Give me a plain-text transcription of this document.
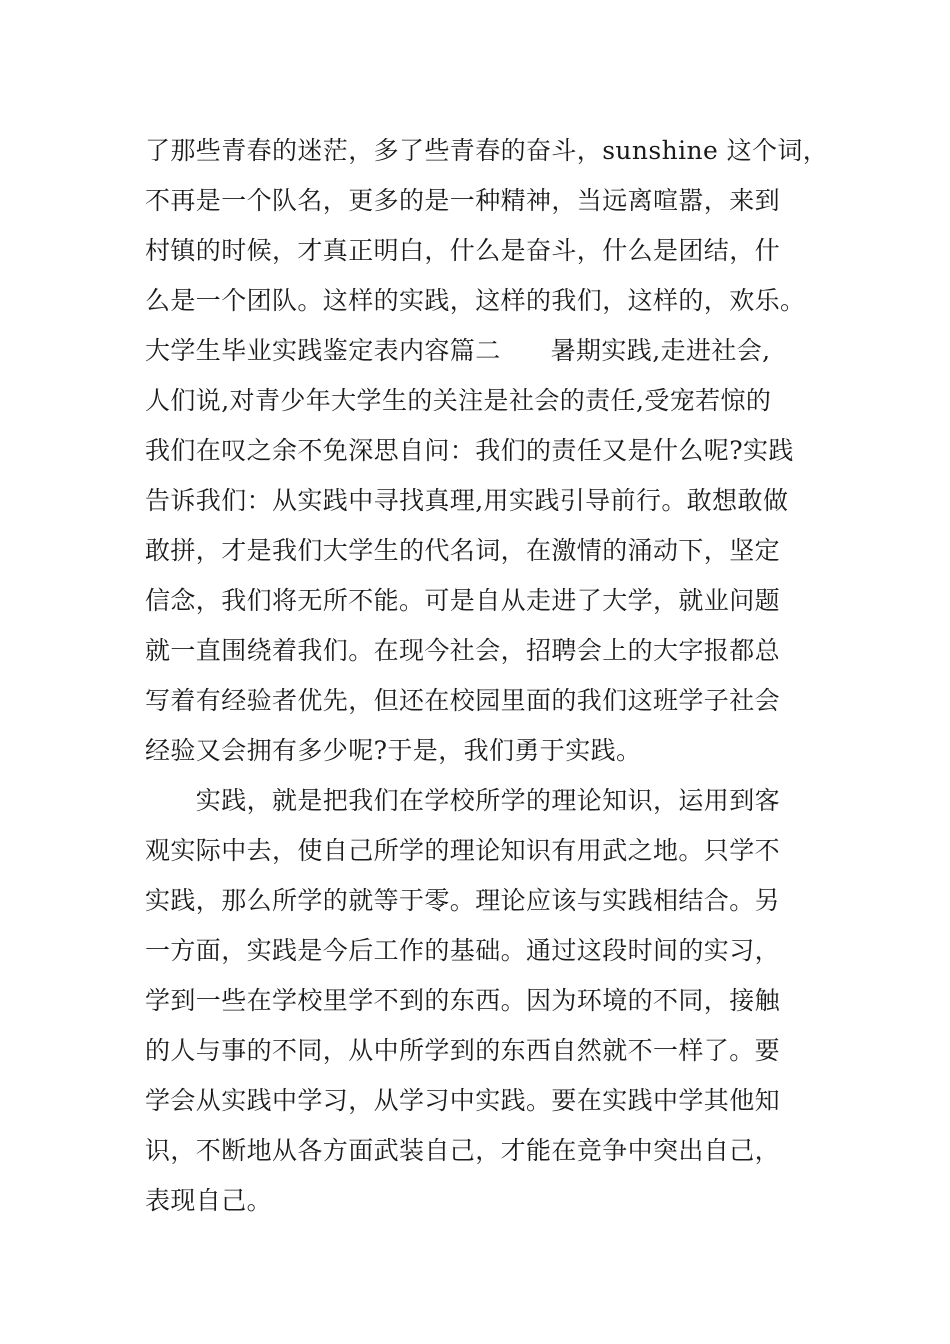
了那些青春的迷茫，多了些青春的奋斗，sunshine 这个词，
不再是一个队名，更多的是一种精神，当远离喧嚣，来到
村镇的时候，才真正明白，什么是奋斗，什么是团结，什
么是一个团队。这样的实践，这样的我们，这样的，欢乐。
大学生毕业实践鉴定表内容篇二 暑期实践,走进社会,
人们说,对青少年大学生的关注是社会的责任,受宠若惊的
我们在叹之余不免深思自问：我们的责任又是什么呢?实践
告诉我们：从实践中寻找真理,用实践引导前行。敢想敢做
敢拼，才是我们大学生的代名词，在激情的涌动下，坚定
信念，我们将无所不能。可是自从走进了大学，就业问题
就一直围绕着我们。在现今社会，招聘会上的大字报都总
写着有经验者优先，但还在校园里面的我们这班学子社会
经验又会拥有多少呢?于是，我们勇于实践。
　　实践，就是把我们在学校所学的理论知识，运用到客
观实际中去，使自己所学的理论知识有用武之地。只学不
实践，那么所学的就等于零。理论应该与实践相结合。另
一方面，实践是今后工作的基础。通过这段时间的实习，
学到一些在学校里学不到的东西。因为环境的不同，接触
的人与事的不同，从中所学到的东西自然就不一样了。要
学会从实践中学习，从学习中实践。要在实践中学其他知
识，不断地从各方面武装自己，才能在竞争中突出自己，
表现自己。
